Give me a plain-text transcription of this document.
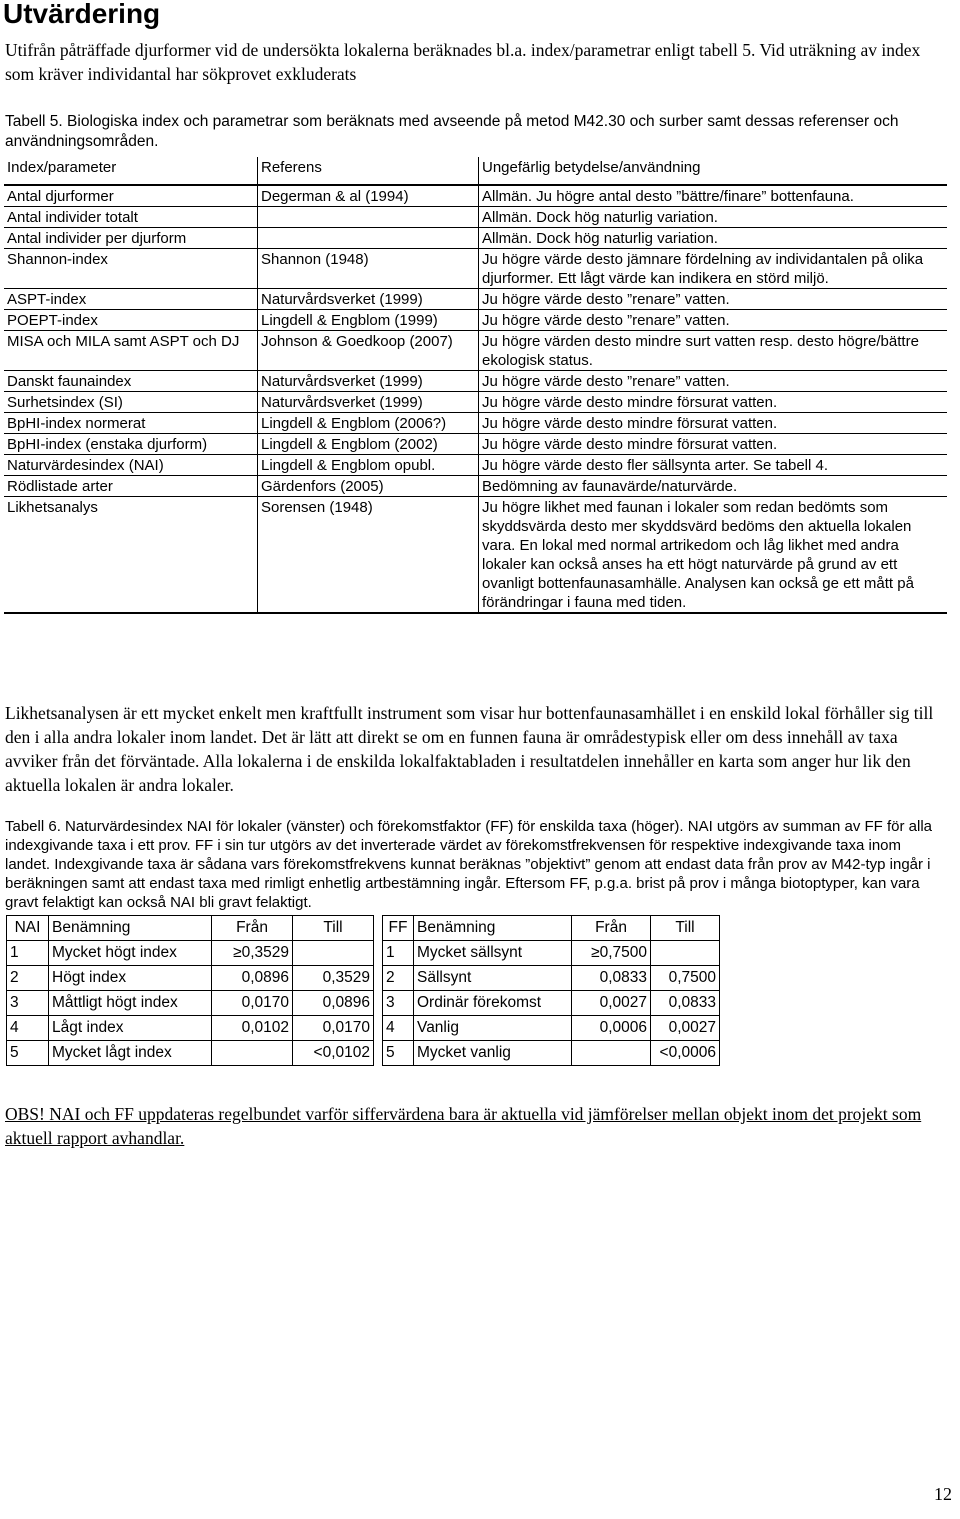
Utvärdering

Utifrån påträffade djurformer vid de undersökta lokalerna beräknades bl.a. index/parametrar enligt tabell 5. Vid uträkning av index som kräver individantal har sökprovet exkluderats

Tabell 5. Biologiska index och parametrar som beräknats med avseende på metod M42.30 och surber samt dessas referenser och användningsområden.

Index/parameter	Referens	Ungefärlig betydelse/användning
Antal djurformer	Degerman & al (1994)	Allmän. Ju högre antal desto ”bättre/finare” bottenfauna.
Antal individer totalt		Allmän. Dock hög naturlig variation.
Antal individer per djurform		Allmän. Dock hög naturlig variation.
Shannon-index	Shannon (1948)	Ju högre värde desto jämnare fördelning av individantalen på olika djurformer. Ett lågt värde kan indikera en störd miljö.
ASPT-index	Naturvårdsverket (1999)	Ju högre värde desto ”renare” vatten.
POEPT-index	Lingdell & Engblom (1999)	Ju högre värde desto ”renare” vatten.
MISA och MILA samt ASPT och DJ	Johnson & Goedkoop (2007)	Ju högre värden desto mindre surt vatten resp. desto högre/bättre ekologisk status.
Danskt faunaindex	Naturvårdsverket (1999)	Ju högre värde desto ”renare” vatten.
Surhetsindex (SI)	Naturvårdsverket (1999)	Ju högre värde desto mindre försurat vatten.
BpHI-index normerat	Lingdell & Engblom (2006?)	Ju högre värde desto mindre försurat vatten.
BpHI-index (enstaka djurform)	Lingdell & Engblom (2002)	Ju högre värde desto mindre försurat vatten.
Naturvärdesindex (NAI)	Lingdell & Engblom opubl.	Ju högre värde desto fler sällsynta arter. Se tabell 4.
Rödlistade arter	Gärdenfors (2005)	Bedömning av faunavärde/naturvärde.
Likhetsanalys	Sorensen (1948)	Ju högre likhet med faunan i lokaler som redan bedömts som skyddsvärda desto mer skyddsvärd bedöms den aktuella lokalen vara. En lokal med normal artrikedom och låg likhet med andra lokaler kan också anses ha ett högt naturvärde på grund av ett ovanligt bottenfaunasamhälle. Analysen kan också ge ett mått på förändringar i fauna med tiden.

Likhetsanalysen är ett mycket enkelt men kraftfullt instrument som visar hur bottenfaunasamhället i en enskild lokal förhåller sig till den i alla andra lokaler inom landet. Det är lätt att direkt se om en funnen fauna är områdestypisk eller om dess innehåll av taxa avviker från det förväntade. Alla lokalerna i de enskilda lokalfaktabladen i resultatdelen innehåller en karta som anger hur lik den aktuella lokalen är andra lokaler.

Tabell 6. Naturvärdesindex NAI för lokaler (vänster) och förekomstfaktor (FF) för enskilda taxa (höger). NAI utgörs av summan av FF för alla indexgivande taxa i ett prov. FF i sin tur utgörs av det inverterade värdet av förekomstfrekvensen för respektive indexgivande taxa inom landet. Indexgivande taxa är sådana vars förekomstfrekvens kunnat beräknas ”objektivt” genom att endast data från prov av M42-typ ingår i beräkningen samt att endast taxa med rimligt enhetlig artbestämning ingår. Eftersom FF, p.g.a. brist på prov i många biotoptyper, kan vara gravt felaktigt kan också NAI bli gravt felaktigt.

NAI	Benämning	Från	Till		FF	Benämning	Från	Till
1	Mycket högt index	≥0,3529			1	Mycket sällsynt	≥0,7500	
2	Högt index	0,0896	0,3529		2	Sällsynt	0,0833	0,7500
3	Måttligt högt index	0,0170	0,0896		3	Ordinär förekomst	0,0027	0,0833
4	Lågt index	0,0102	0,0170		4	Vanlig	0,0006	0,0027
5	Mycket lågt index		<0,0102		5	Mycket vanlig		<0,0006

OBS! NAI och FF uppdateras regelbundet varför siffervärdena bara är aktuella vid jämförelser mellan objekt inom det projekt som aktuell rapport avhandlar.

12
